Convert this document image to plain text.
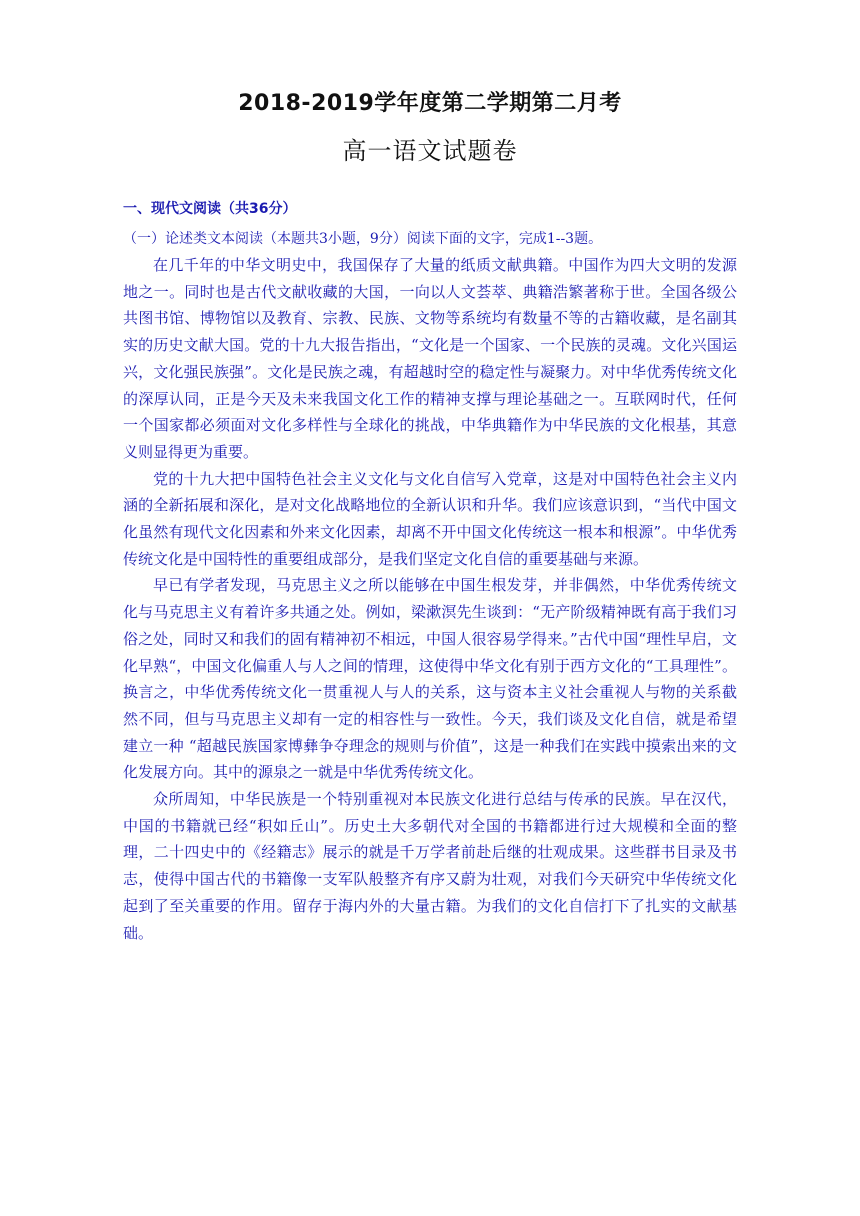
2018-2019学年度第二学期第二月考
高一语文试题卷
一、现代文阅读（共36分）
（一）论述类文本阅读（本题共3小题，9分）阅读下面的文字，完成1--3题。

在几千年的中华文明史中，我国保存了大量的纸质文献典籍。中国作为四大文明的发源地之一。同时也是古代文献收藏的大国，一向以人文荟萃、典籍浩繁著称于世。全国各级公共图书馆、博物馆以及教育、宗教、民族、文物等系统均有数量不等的古籍收藏，是名副其实的历史文献大国。党的十九大报告指出，“文化是一个国家、一个民族的灵魂。文化兴国运兴，文化强民族强”。文化是民族之魂，有超越时空的稳定性与凝聚力。对中华优秀传统文化的深厚认同，正是今天及未来我国文化工作的精神支撑与理论基础之一。互联网时代，任何一个国家都必须面对文化多样性与全球化的挑战，中华典籍作为中华民族的文化根基，其意义则显得更为重要。

党的十九大把中国特色社会主义文化与文化自信写入党章，这是对中国特色社会主义内涵的全新拓展和深化，是对文化战略地位的全新认识和升华。我们应该意识到，“当代中国文化虽然有现代文化因素和外来文化因素，却离不开中国文化传统这一根本和根源”。中华优秀传统文化是中国特性的重要组成部分，是我们坚定文化自信的重要基础与来源。

早已有学者发现，马克思主义之所以能够在中国生根发芽，并非偶然，中华优秀传统文化与马克思主义有着许多共通之处。例如，梁漱溟先生谈到：“无产阶级精神既有高于我们习俗之处，同时又和我们的固有精神初不相远，中国人很容易学得来。”古代中国“理性早启，文化早熟“，中国文化偏重人与人之间的情理，这使得中华文化有别于西方文化的“工具理性”。换言之，中华优秀传统文化一贯重视人与人的关系，这与资本主义社会重视人与物的关系截然不同，但与马克思主义却有一定的相容性与一致性。今天，我们谈及文化自信，就是希望建立一种 “超越民族国家博彝争夺理念的规则与价值”，这是一种我们在实践中摸索出来的文化发展方向。其中的源泉之一就是中华优秀传统文化。

众所周知，中华民族是一个特别重视对本民族文化进行总结与传承的民族。早在汉代，中国的书籍就已经“积如丘山”。历史土大多朝代对全国的书籍都进行过大规模和全面的整理，二十四史中的《经籍志》展示的就是千万学者前赴后继的壮观成果。这些群书目录及书志，使得中国古代的书籍像一支军队般整齐有序又蔚为壮观，对我们今天研究中华传统文化起到了至关重要的作用。留存于海内外的大量古籍。为我们的文化自信打下了扎实的文献基础。
